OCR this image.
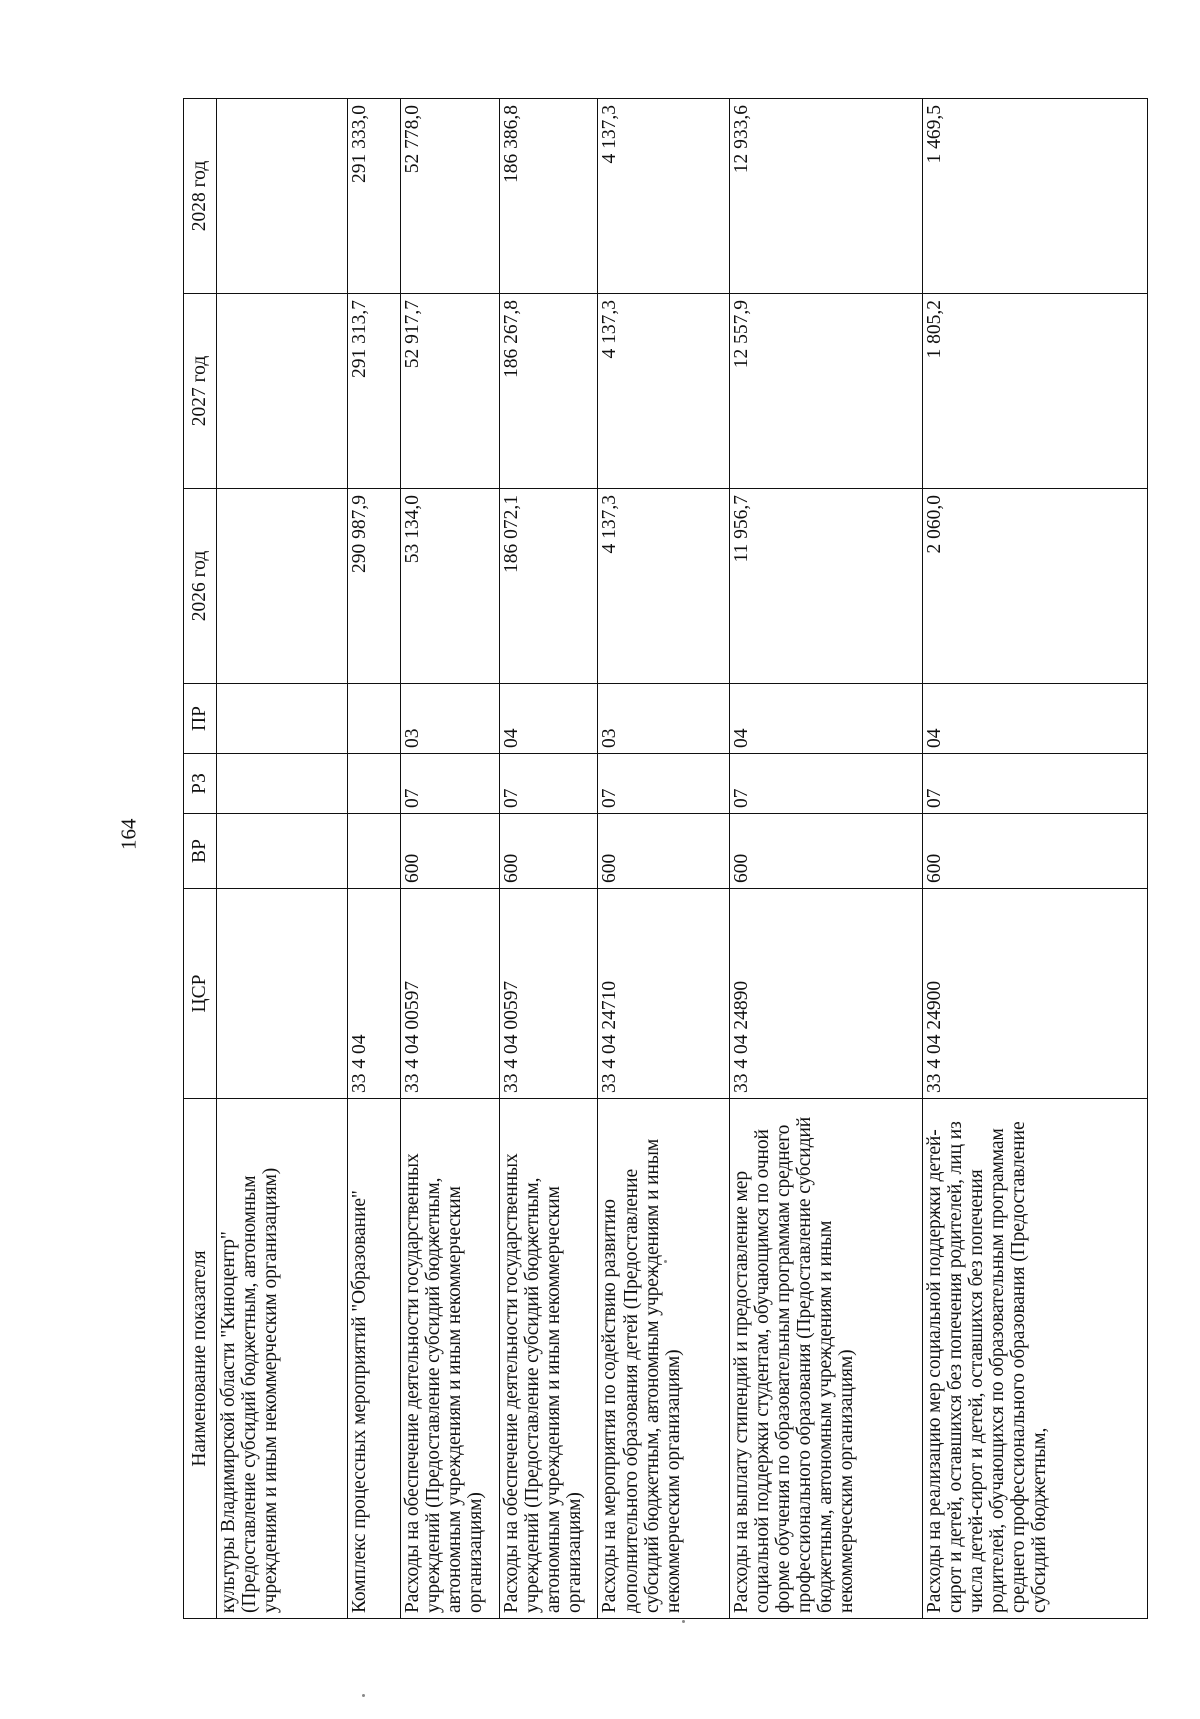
164
Наименование показателя	ЦСР	ВР	РЗ	ПР	2026 год	2027 год	2028 год
культуры Владимирской области "Киноцентр" (Предоставление субсидий бюджетным, автономным учреждениям и иным некоммерческим организациям)							
Комплекс процессных мероприятий "Образование"	33 4 04				290 987,9	291 313,7	291 333,0
Расходы на обеспечение деятельности государственных учреждений (Предоставление субсидий бюджетным, автономным учреждениям и иным некоммерческим организациям)	33 4 04 00597	600	07	03	53 134,0	52 917,7	52 778,0
Расходы на обеспечение деятельности государственных учреждений (Предоставление субсидий бюджетным, автономным учреждениям и иным некоммерческим организациям)	33 4 04 00597	600	07	04	186 072,1	186 267,8	186 386,8
Расходы на мероприятия по содействию развитию дополнительного образования детей (Предоставление субсидий бюджетным, автономным учреждениям и иным некоммерческим организациям)	33 4 04 24710	600	07	03	4 137,3	4 137,3	4 137,3
Расходы на выплату стипендий и предоставление мер социальной поддержки студентам, обучающимся по очной форме обучения по образовательным программам среднего профессионального образования (Предоставление субсидий бюджетным, автономным учреждениям и иным некоммерческим организациям)	33 4 04 24890	600	07	04	11 956,7	12 557,9	12 933,6
Расходы на реализацию мер социальной поддержки детей-сирот и детей, оставшихся без попечения родителей, лиц из числа детей-сирот и детей, оставшихся без попечения родителей, обучающихся по образовательным программам среднего профессионального образования (Предоставление субсидий бюджетным,	33 4 04 24900	600	07	04	2 060,0	1 805,2	1 469,5
